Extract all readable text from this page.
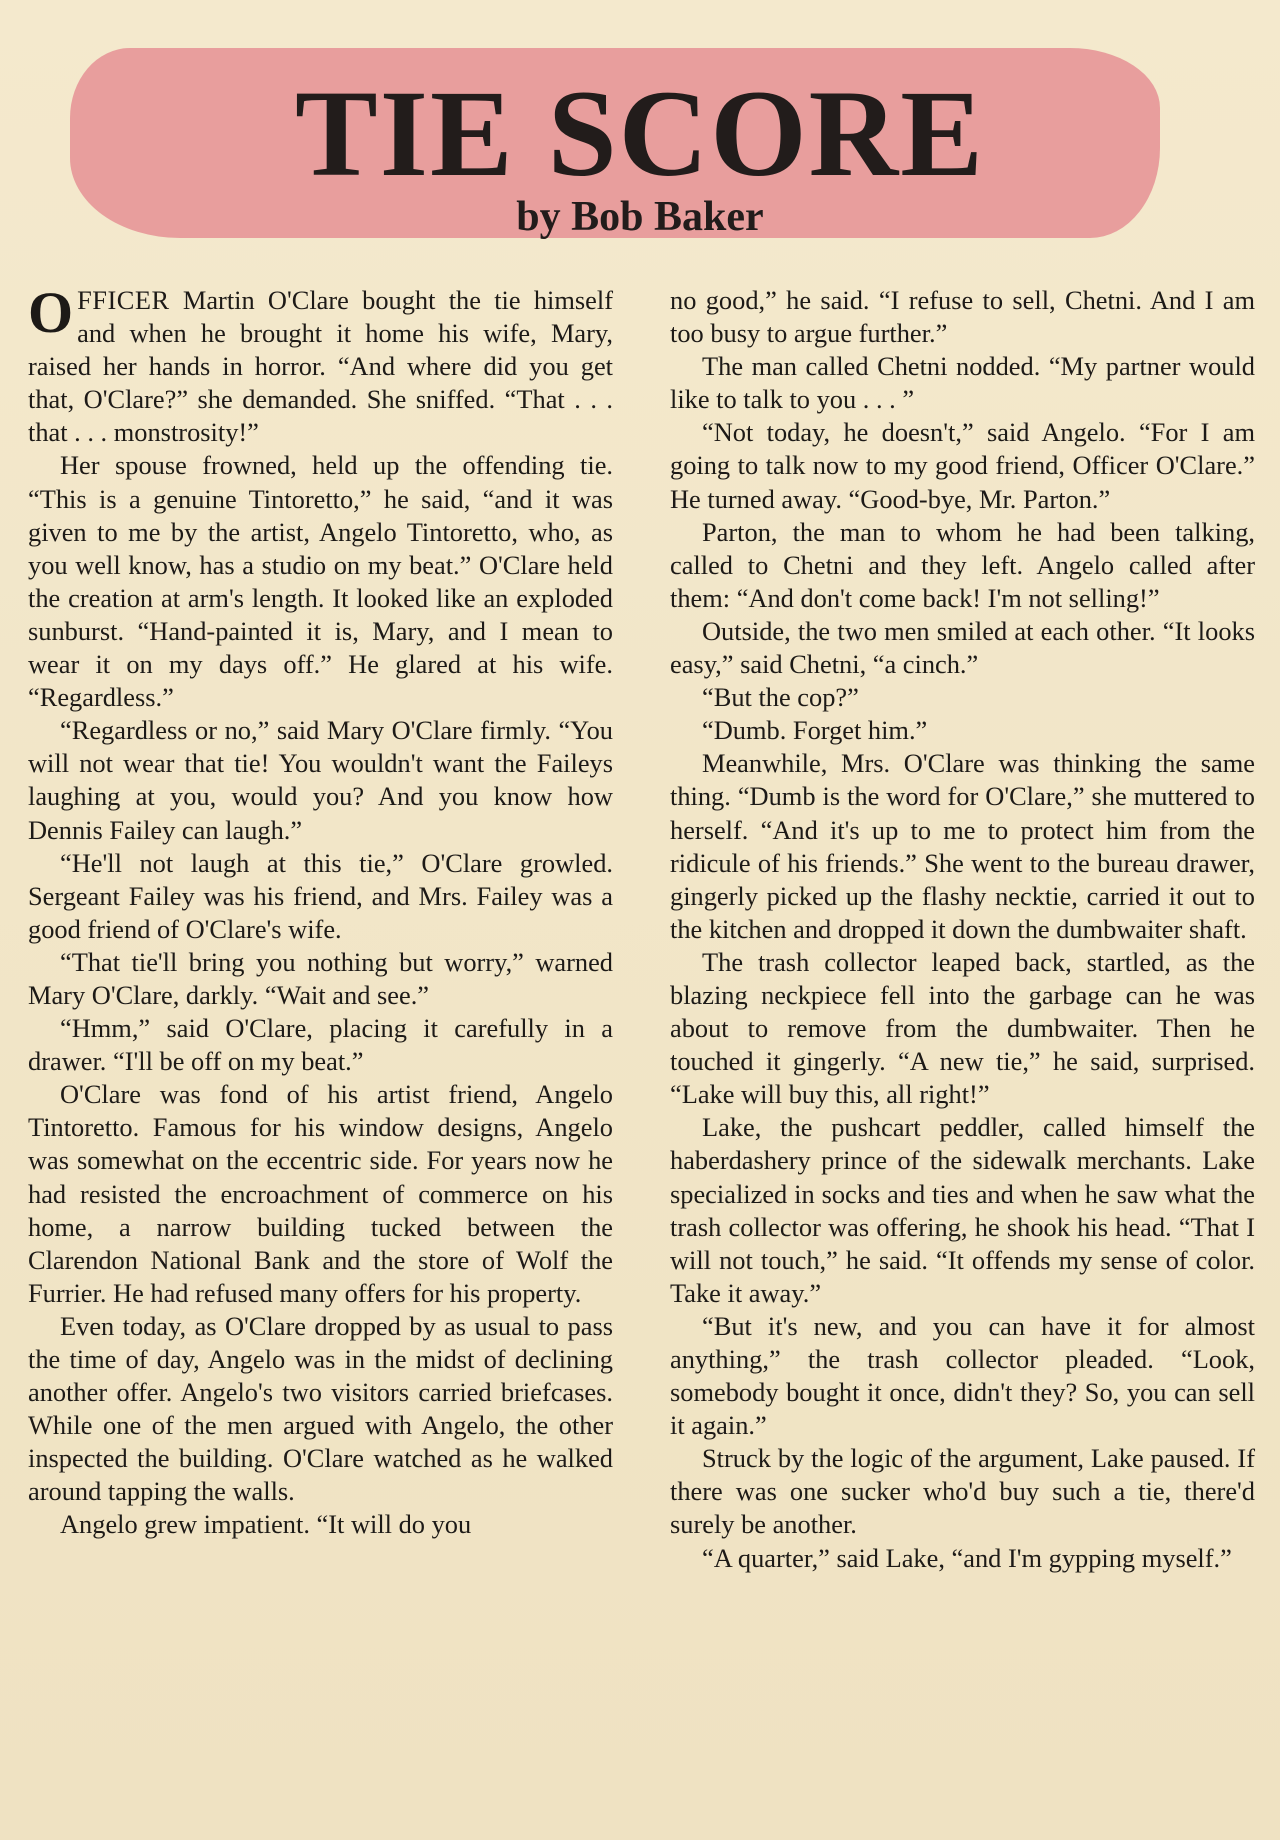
TIE SCORE
by Bob Baker

OFFICER Martin O'Clare bought the tie himself and when he brought it home his wife, Mary, raised her hands in horror. “And where did you get that, O'Clare?” she demanded. She sniffed. “That . . . that . . . monstrosity!”

Her spouse frowned, held up the offending tie. “This is a genuine Tintoretto,” he said, “and it was given to me by the artist, Angelo Tintoretto, who, as you well know, has a studio on my beat.” O'Clare held the creation at arm's length. It looked like an exploded sunburst. “Hand-painted it is, Mary, and I mean to wear it on my days off.” He glared at his wife. “Regardless.”

“Regardless or no,” said Mary O'Clare firmly. “You will not wear that tie! You wouldn't want the Faileys laughing at you, would you? And you know how Dennis Failey can laugh.”

“He'll not laugh at this tie,” O'Clare growled. Sergeant Failey was his friend, and Mrs. Failey was a good friend of O'Clare's wife.

“That tie'll bring you nothing but worry,” warned Mary O'Clare, darkly. “Wait and see.”

“Hmm,” said O'Clare, placing it carefully in a drawer. “I'll be off on my beat.”

O'Clare was fond of his artist friend, Angelo Tintoretto. Famous for his window designs, Angelo was somewhat on the eccentric side. For years now he had resisted the encroachment of commerce on his home, a narrow building tucked between the Clarendon National Bank and the store of Wolf the Furrier. He had refused many offers for his property.

Even today, as O'Clare dropped by as usual to pass the time of day, Angelo was in the midst of declining another offer. Angelo's two visitors carried briefcases. While one of the men argued with Angelo, the other inspected the building. O'Clare watched as he walked around tapping the walls.

Angelo grew impatient. “It will do you

no good,” he said. “I refuse to sell, Chetni. And I am too busy to argue further.”

The man called Chetni nodded. “My partner would like to talk to you . . . ”

“Not today, he doesn't,” said Angelo. “For I am going to talk now to my good friend, Officer O'Clare.” He turned away. “Good-bye, Mr. Parton.”

Parton, the man to whom he had been talking, called to Chetni and they left. Angelo called after them: “And don't come back! I'm not selling!”

Outside, the two men smiled at each other. “It looks easy,” said Chetni, “a cinch.”

“But the cop?”

“Dumb. Forget him.”

Meanwhile, Mrs. O'Clare was thinking the same thing. “Dumb is the word for O'Clare,” she muttered to herself. “And it's up to me to protect him from the ridicule of his friends.” She went to the bureau drawer, gingerly picked up the flashy necktie, carried it out to the kitchen and dropped it down the dumbwaiter shaft.

The trash collector leaped back, startled, as the blazing neckpiece fell into the garbage can he was about to remove from the dumbwaiter. Then he touched it gingerly. “A new tie,” he said, surprised. “Lake will buy this, all right!”

Lake, the pushcart peddler, called himself the haberdashery prince of the sidewalk merchants. Lake specialized in socks and ties and when he saw what the trash collector was offering, he shook his head. “That I will not touch,” he said. “It offends my sense of color. Take it away.”

“But it's new, and you can have it for almost anything,” the trash collector pleaded. “Look, somebody bought it once, didn't they? So, you can sell it again.”

Struck by the logic of the argument, Lake paused. If there was one sucker who'd buy such a tie, there'd surely be another.

“A quarter,” said Lake, “and I'm gypping myself.”
